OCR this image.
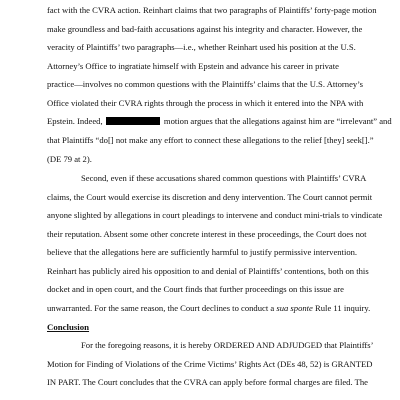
fact with the CVRA action. Reinhart claims that two paragraphs of Plaintiffs’ forty-page motion
make groundless and bad-faith accusations against his integrity and character. However, the
veracity of Plaintiffs’ two paragraphs—i.e., whether Reinhart used his position at the U.S.
Attorney’s Office to ingratiate himself with Epstein and advance his career in private
practice—involves no common questions with the Plaintiffs’ claims that the U.S. Attorney’s
Office violated their CVRA rights through the process in which it entered into the NPA with
Epstein. Indeed,	motion argues that the allegations against him are “irrelevant” and
that Plaintiffs “do[] not make any effort to connect these allegations to the relief [they] seek[].”
(DE 79 at 2).
Second, even if these accusations shared common questions with Plaintiffs’ CVRA
claims, the Court would exercise its discretion and deny intervention. The Court cannot permit
anyone slighted by allegations in court pleadings to intervene and conduct mini-trials to vindicate
their reputation. Absent some other concrete interest in these proceedings, the Court does not
believe that the allegations here are sufficiently harmful to justify permissive intervention.
Reinhart has publicly aired his opposition to and denial of Plaintiffs’ contentions, both on this
docket and in open court, and the Court finds that further proceedings on this issue are
unwarranted. For the same reason, the Court declines to conduct a sua sponte Rule 11 inquiry.
Conclusion
For the foregoing reasons, it is hereby ORDERED AND ADJUDGED that Plaintiffs’
Motion for Finding of Violations of the Crime Victims’ Rights Act (DEs 48, 52) is GRANTED
IN PART. The Court concludes that the CVRA can apply before formal charges are filed. The
